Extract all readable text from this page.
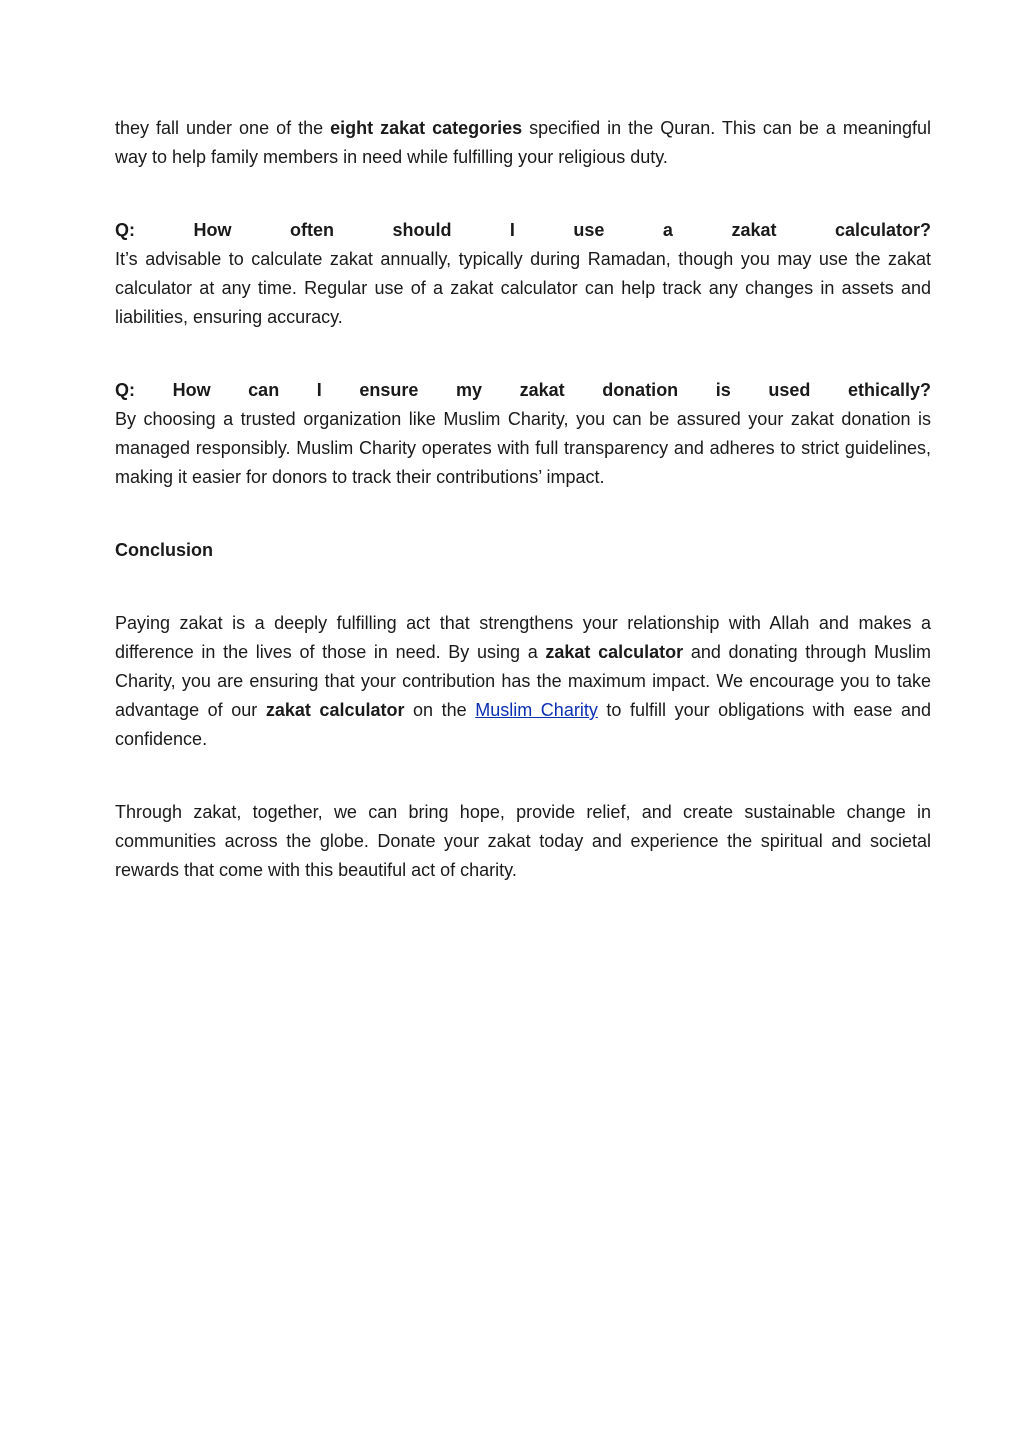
they fall under one of the eight zakat categories specified in the Quran. This can be a meaningful way to help family members in need while fulfilling your religious duty.

Q: How often should I use a zakat calculator?

It’s advisable to calculate zakat annually, typically during Ramadan, though you may use the zakat calculator at any time. Regular use of a zakat calculator can help track any changes in assets and liabilities, ensuring accuracy.

Q: How can I ensure my zakat donation is used ethically?

By choosing a trusted organization like Muslim Charity, you can be assured your zakat donation is managed responsibly. Muslim Charity operates with full transparency and adheres to strict guidelines, making it easier for donors to track their contributions’ impact.

Conclusion

Paying zakat is a deeply fulfilling act that strengthens your relationship with Allah and makes a difference in the lives of those in need. By using a zakat calculator and donating through Muslim Charity, you are ensuring that your contribution has the maximum impact. We encourage you to take advantage of our zakat calculator on the Muslim Charity to fulfill your obligations with ease and confidence.

Through zakat, together, we can bring hope, provide relief, and create sustainable change in communities across the globe. Donate your zakat today and experience the spiritual and societal rewards that come with this beautiful act of charity.
